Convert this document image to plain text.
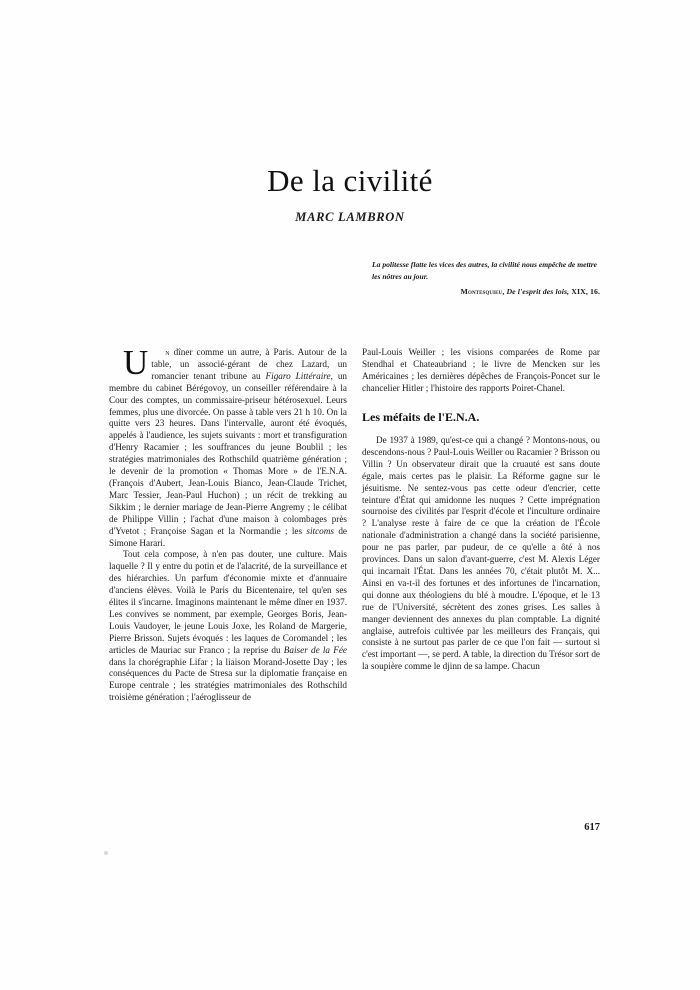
De la civilité
MARC LAMBRON
La politesse flatte les vices des autres, la civilité nous empêche de mettre les nôtres au jour.
Montesquieu, De l'esprit des lois, XIX, 16.

U	n dîner comme un autre, à Paris. Autour de la table, un associé-gérant de chez Lazard, un romancier tenant tribune au Figaro Littéraire, un membre du cabinet Bérégovoy, un conseiller référendaire à la Cour des comptes, un commissaire-priseur hétérosexuel. Leurs femmes, plus une divorcée. On passe à table vers 21 h 10. On la quitte vers 23 heures. Dans l'intervalle, auront été évoqués, appelés à l'audience, les sujets suivants : mort et transfiguration d'Henry Racamier ; les souffrances du jeune Boublil ; les stratégies matrimoniales des Rothschild quatrième génération ; le devenir de la promotion « Thomas More » de l'E.N.A. (François d'Aubert, Jean-Louis Bianco, Jean-Claude Trichet, Marc Tessier, Jean-Paul Huchon) ; un récit de trekking au Sikkim ; le dernier mariage de Jean-Pierre Angremy ; le célibat de Philippe Villin ; l'achat d'une maison à colombages près d'Yvetot ; Françoise Sagan et la Normandie ; les sitcoms de Simone Harari.

Tout cela compose, à n'en pas douter, une culture. Mais laquelle ? Il y entre du potin et de l'alacrité, de la surveillance et des hiérarchies. Un parfum d'économie mixte et d'annuaire d'anciens élèves. Voilà le Paris du Bicentenaire, tel qu'en ses élites il s'incarne. Imaginons maintenant le même dîner en 1937. Les convives se nomment, par exemple, Georges Boris, Jean-Louis Vaudoyer, le jeune Louis Joxe, les Roland de Margerie, Pierre Brisson. Sujets évoqués : les laques de Coromandel ; les articles de Mauriac sur Franco ; la reprise du Baiser de la Fée dans la chorégraphie Lifar ; la liaison Morand-Josette Day ; les conséquences du Pacte de Stresa sur la diplomatie française en Europe centrale ; les stratégies matrimoniales des Rothschild troisième génération ; l'aéroglisseur de

Paul-Louis Weiller ; les visions comparées de Rome par Stendhal et Chateaubriand ; le livre de Mencken sur les Américaines ; les dernières dépêches de François-Poncet sur le chancelier Hitler ; l'histoire des rapports Poiret-Chanel.

Les méfaits de l'E.N.A.

De 1937 à 1989, qu'est-ce qui a changé ? Montons-nous, ou descendons-nous ? Paul-Louis Weiller ou Racamier ? Brisson ou Villin ? Un observateur dirait que la cruauté est sans doute égale, mais certes pas le plaisir. La Réforme gagne sur le jésuitisme. Ne sentez-vous pas cette odeur d'encrier, cette teinture d'État qui amidonne les nuques ? Cette imprégnation sournoise des civilités par l'esprit d'école et l'inculture ordinaire ? L'analyse reste à faire de ce que la création de l'École nationale d'administration a changé dans la société parisienne, pour ne pas parler, par pudeur, de ce qu'elle a ôté à nos provinces. Dans un salon d'avant-guerre, c'est M. Alexis Léger qui incarnait l'État. Dans les années 70, c'était plutôt M. X... Ainsi en va-t-il des fortunes et des infortunes de l'incarnation, qui donne aux théologiens du blé à moudre. L'époque, et le 13 rue de l'Université, sécrètent des zones grises. Les salles à manger deviennent des annexes du plan comptable. La dignité anglaise, autrefois cultivée par les meilleurs des Français, qui consiste à ne surtout pas parler de ce que l'on fait — surtout si c'est important —, se perd. A table, la direction du Trésor sort de la soupière comme le djinn de sa lampe. Chacun

617
